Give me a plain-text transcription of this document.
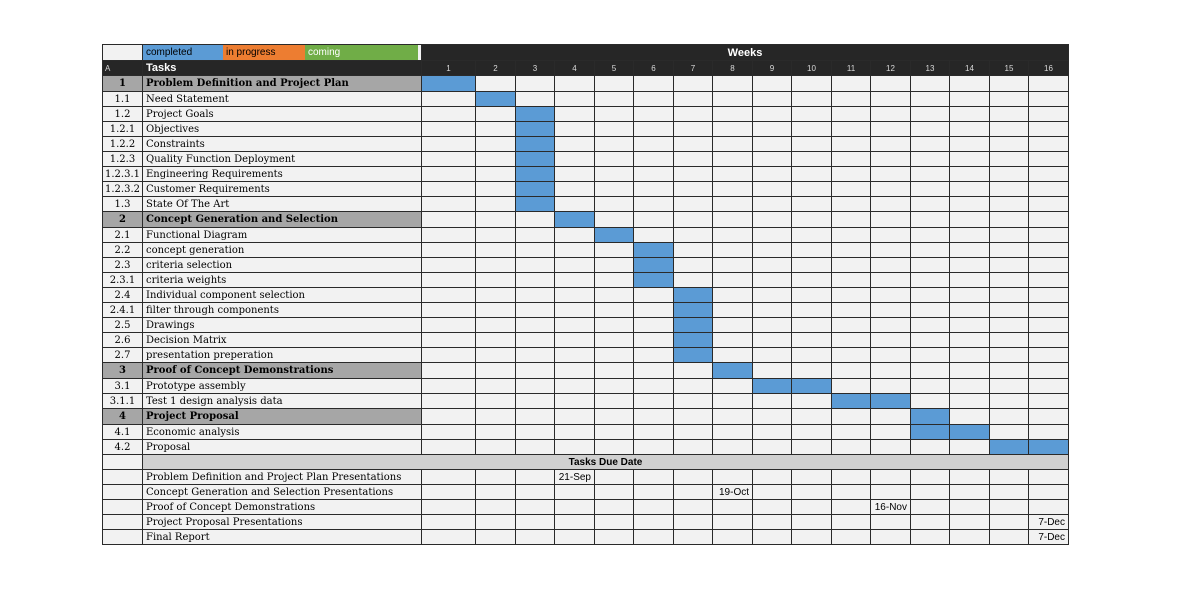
	completed in progress coming	Weeks															
A	Tasks	1	2	3	4	5	6	7	8	9	10	11	12	13	14	15	16
1	Problem Definition and Project Plan																
1.1	Need Statement																
1.2	Project Goals																
1.2.1	Objectives																
1.2.2	Constraints																
1.2.3	Quality Function Deployment																
1.2.3.1	Engineering Requirements																
1.2.3.2	Customer Requirements																
1.3	State Of The Art																
2	Concept Generation and Selection																
2.1	Functional Diagram																
2.2	concept generation																
2.3	criteria selection																
2.3.1	criteria weights																
2.4	Individual component selection																
2.4.1	filter through components																
2.5	Drawings																
2.6	Decision Matrix																
2.7	presentation preperation																
3	Proof of Concept Demonstrations																
3.1	Prototype assembly																
3.1.1	Test 1 design analysis data																
4	Project Proposal																
4.1	Economic analysis																
4.2	Proposal																
	Tasks Due Date																
	Problem Definition and Project Plan Presentations				21-Sep												
	Concept Generation and Selection Presentations								19-Oct								
	Proof of Concept Demonstrations												16-Nov				
	Project Proposal Presentations																7-Dec
	Final Report																7-Dec
